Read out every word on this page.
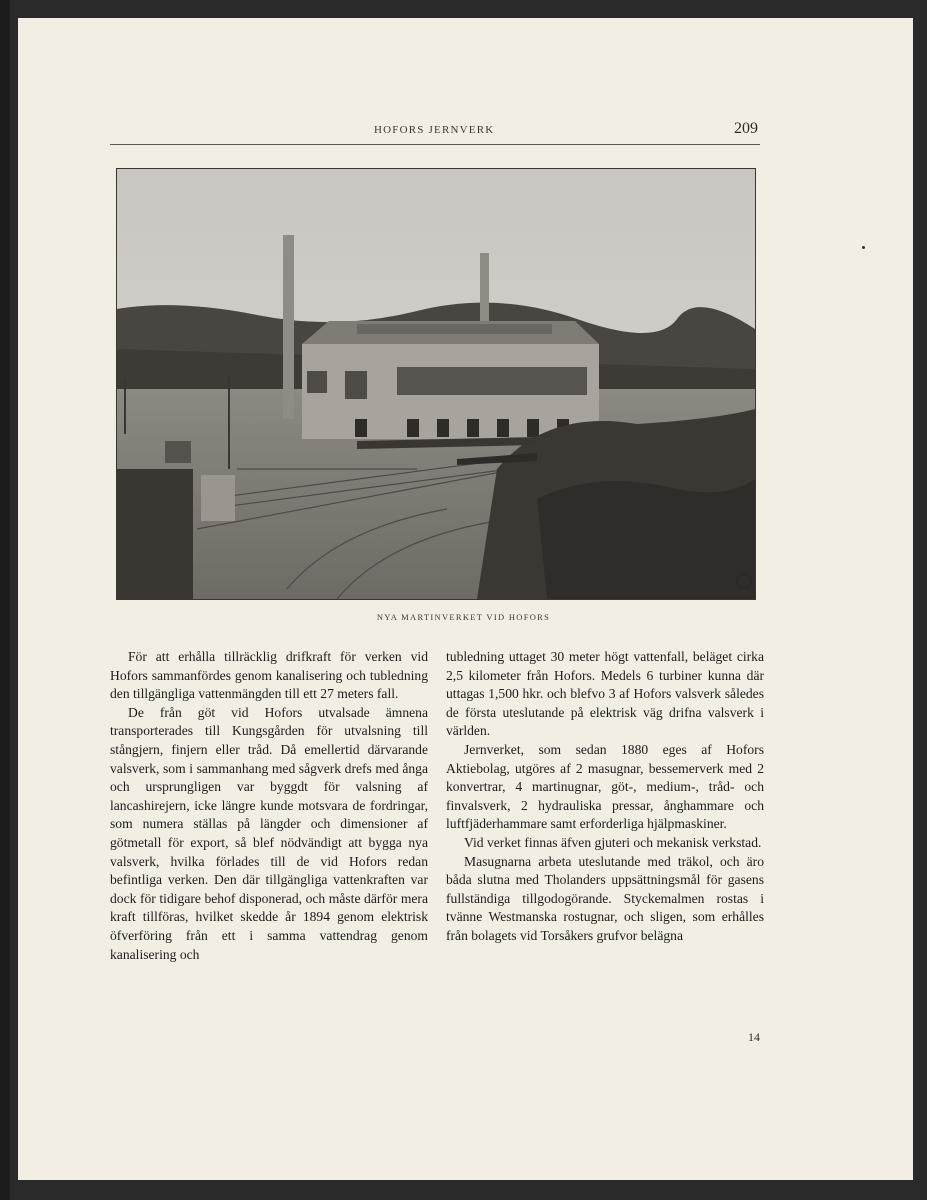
HOFORS JERNVERK	209
NYA MARTINVERKET VID HOFORS

För att erhålla tillräcklig drifkraft för verken vid Hofors sammanfördes genom kanalisering och tubledning den tillgängliga vattenmängden till ett 27 meters fall.

De från göt vid Hofors utvalsade ämnena transporterades till Kungsgården för utvalsning till stångjern, finjern eller tråd. Då emellertid därvarande valsverk, som i sammanhang med sågverk drefs med ånga och ursprungligen var byggdt för valsning af lancashirejern, icke längre kunde motsvara de fordringar, som numera ställas på längder och dimensioner af götmetall för export, så blef nödvändigt att bygga nya valsverk, hvilka förlades till de vid Hofors redan befintliga verken. Den där tillgängliga vattenkraften var dock för tidigare behof disponerad, och måste därför mera kraft tillföras, hvilket skedde år 1894 genom elektrisk öfverföring från ett i samma vattendrag genom kanalisering och

tubledning uttaget 30 meter högt vattenfall, beläget cirka 2,5 kilometer från Hofors. Medels 6 turbiner kunna där uttagas 1,500 hkr. och blefvo 3 af Hofors valsverk således de första uteslutande på elektrisk väg drifna valsverk i världen.

Jernverket, som sedan 1880 eges af Hofors Aktiebolag, utgöres af 2 masugnar, bessemerverk med 2 konvertrar, 4 martinugnar, göt-, medium-, tråd- och finvalsverk, 2 hydrauliska pressar, ånghammare och luftfjäderhammare samt erforderliga hjälpmaskiner.

Vid verket finnas äfven gjuteri och mekanisk verkstad.

Masugnarna arbeta uteslutande med träkol, och äro båda slutna med Tholanders uppsättningsmål för gasens fullständiga tillgodogörande. Styckemalmen rostas i tvänne Westmanska rostugnar, och sligen, som erhålles från bolagets vid Torsåkers grufvor belägna

14
